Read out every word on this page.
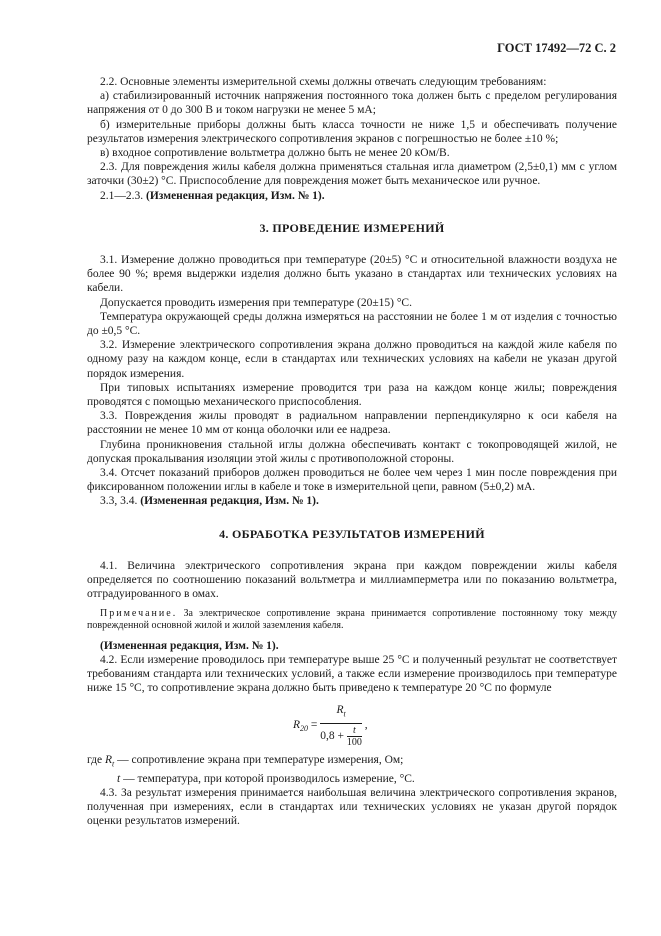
ГОСТ 17492—72 С. 2

2.2. Основные элементы измерительной схемы должны отвечать следующим требованиям:

а) стабилизированный источник напряжения постоянного тока должен быть с пределом регулирования напряжения от 0 до 300 В и током нагрузки не менее 5 мА;

б) измерительные приборы должны быть класса точности не ниже 1,5 и обеспечивать получение результатов измерения электрического сопротивления экранов с погрешностью не более ±10 %;

в) входное сопротивление вольтметра должно быть не менее 20 кОм/В.

2.3. Для повреждения жилы кабеля должна применяться стальная игла диаметром (2,5±0,1) мм с углом заточки (30±2) °С. Приспособление для повреждения может быть механическое или ручное.

2.1—2.3. (Измененная редакция, Изм. № 1).

3. ПРОВЕДЕНИЕ ИЗМЕРЕНИЙ

3.1. Измерение должно проводиться при температуре (20±5) °С и относительной влажности воздуха не более 90 %; время выдержки изделия должно быть указано в стандартах или технических условиях на кабели.

Допускается проводить измерения при температуре (20±15) °С.

Температура окружающей среды должна измеряться на расстоянии не более 1 м от изделия с точностью до ±0,5 °С.

3.2. Измерение электрического сопротивления экрана должно проводиться на каждой жиле кабеля по одному разу на каждом конце, если в стандартах или технических условиях на кабели не указан другой порядок измерения.

При типовых испытаниях измерение проводится три раза на каждом конце жилы; повреждения проводятся с помощью механического приспособления.

3.3. Повреждения жилы проводят в радиальном направлении перпендикулярно к оси кабеля на расстоянии не менее 10 мм от конца оболочки или ее надреза.

Глубина проникновения стальной иглы должна обеспечивать контакт с токопроводящей жилой, не допуская прокалывания изоляции этой жилы с противоположной стороны.

3.4. Отсчет показаний приборов должен проводиться не более чем через 1 мин после повреждения при фиксированном положении иглы в кабеле и токе в измерительной цепи, равном (5±0,2) мА.

3.3, 3.4. (Измененная редакция, Изм. № 1).

4. ОБРАБОТКА РЕЗУЛЬТАТОВ ИЗМЕРЕНИЙ

4.1. Величина электрического сопротивления экрана при каждом повреждении жилы кабеля определяется по соотношению показаний вольтметра и миллиамперметра или по показанию вольтметра, отградуированного в омах.

Примечание. За электрическое сопротивление экрана принимается сопротивление постоянному току между поврежденной основной жилой и жилой заземления кабеля.

(Измененная редакция, Изм. № 1).

4.2. Если измерение проводилось при температуре выше 25 °С и полученный результат не соответствует требованиям стандарта или технических условий, а также если измерение производилось при температуре ниже 15 °С, то сопротивление экрана должно быть приведено к температуре 20 °С по формуле

$R_{20} = \frac{R_t}{0,8 + \frac{t}{100}}$ ,

где $R_t$ — сопротивление экрана при температуре измерения, Ом;

t — температура, при которой производилось измерение, °С.

4.3. За результат измерения принимается наибольшая величина электрического сопротивления экранов, полученная при измерениях, если в стандартах или технических условиях не указан другой порядок оценки результатов измерений.
